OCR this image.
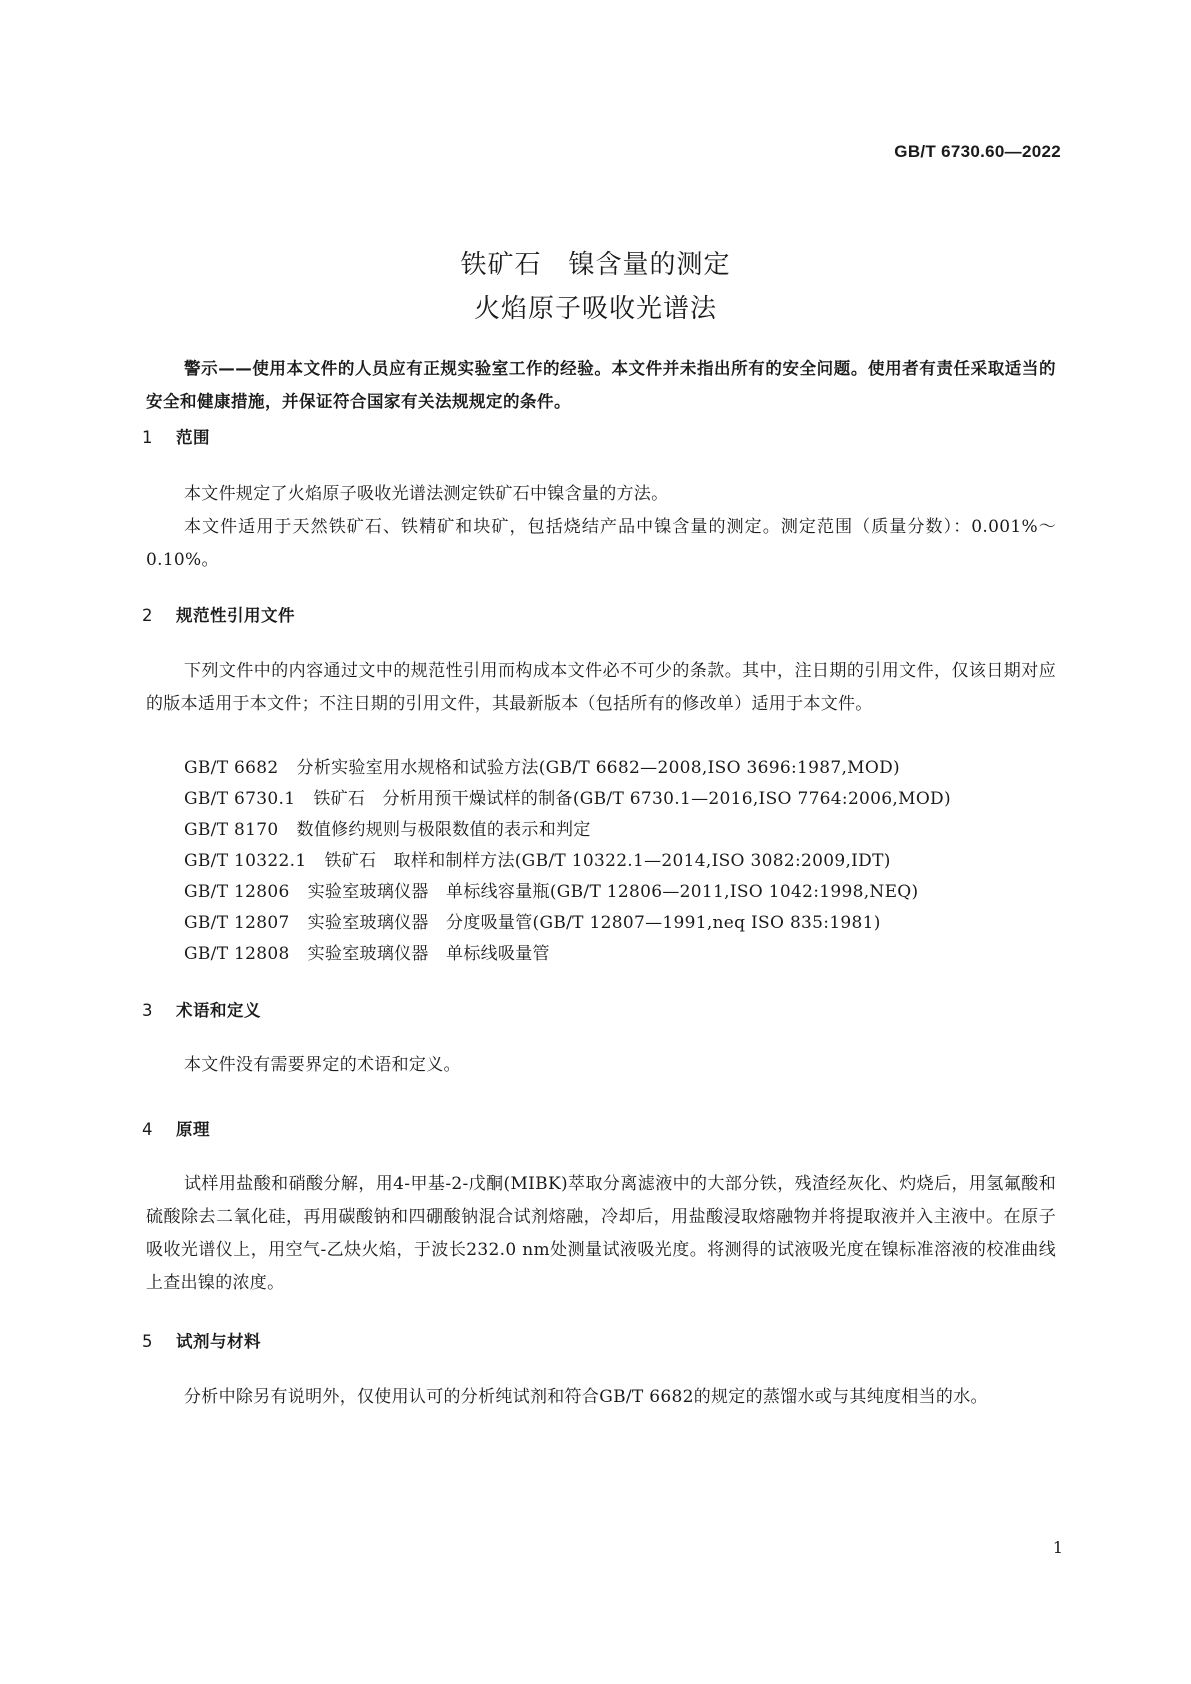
GB/T 6730.60—2022
铁矿石　镍含量的测定
火焰原子吸收光谱法
警示——使用本文件的人员应有正规实验室工作的经验。本文件并未指出所有的安全问题。使用者有责任采取适当的安全和健康措施，并保证符合国家有关法规规定的条件。
1 范围
本文件规定了火焰原子吸收光谱法测定铁矿石中镍含量的方法。
本文件适用于天然铁矿石、铁精矿和块矿，包括烧结产品中镍含量的测定。测定范围（质量分数）：0.001%～0.10%。
2 规范性引用文件
下列文件中的内容通过文中的规范性引用而构成本文件必不可少的条款。其中，注日期的引用文件，仅该日期对应的版本适用于本文件；不注日期的引用文件，其最新版本（包括所有的修改单）适用于本文件。
GB/T 6682 分析实验室用水规格和试验方法(GB/T 6682—2008,ISO 3696:1987,MOD)
GB/T 6730.1 铁矿石　分析用预干燥试样的制备(GB/T 6730.1—2016,ISO 7764:2006,MOD)
GB/T 8170 数值修约规则与极限数值的表示和判定
GB/T 10322.1 铁矿石　取样和制样方法(GB/T 10322.1—2014,ISO 3082:2009,IDT)
GB/T 12806 实验室玻璃仪器　单标线容量瓶(GB/T 12806—2011,ISO 1042:1998,NEQ)
GB/T 12807 实验室玻璃仪器　分度吸量管(GB/T 12807—1991,neq ISO 835:1981)
GB/T 12808 实验室玻璃仪器　单标线吸量管
3 术语和定义
本文件没有需要界定的术语和定义。
4 原理
试样用盐酸和硝酸分解，用4-甲基-2-戊酮(MIBK)萃取分离滤液中的大部分铁，残渣经灰化、灼烧后，用氢氟酸和硫酸除去二氧化硅，再用碳酸钠和四硼酸钠混合试剂熔融，冷却后，用盐酸浸取熔融物并将提取液并入主液中。在原子吸收光谱仪上，用空气-乙炔火焰，于波长232.0 nm处测量试液吸光度。将测得的试液吸光度在镍标准溶液的校准曲线上查出镍的浓度。
5 试剂与材料
分析中除另有说明外，仅使用认可的分析纯试剂和符合GB/T 6682的规定的蒸馏水或与其纯度相当的水。
1
